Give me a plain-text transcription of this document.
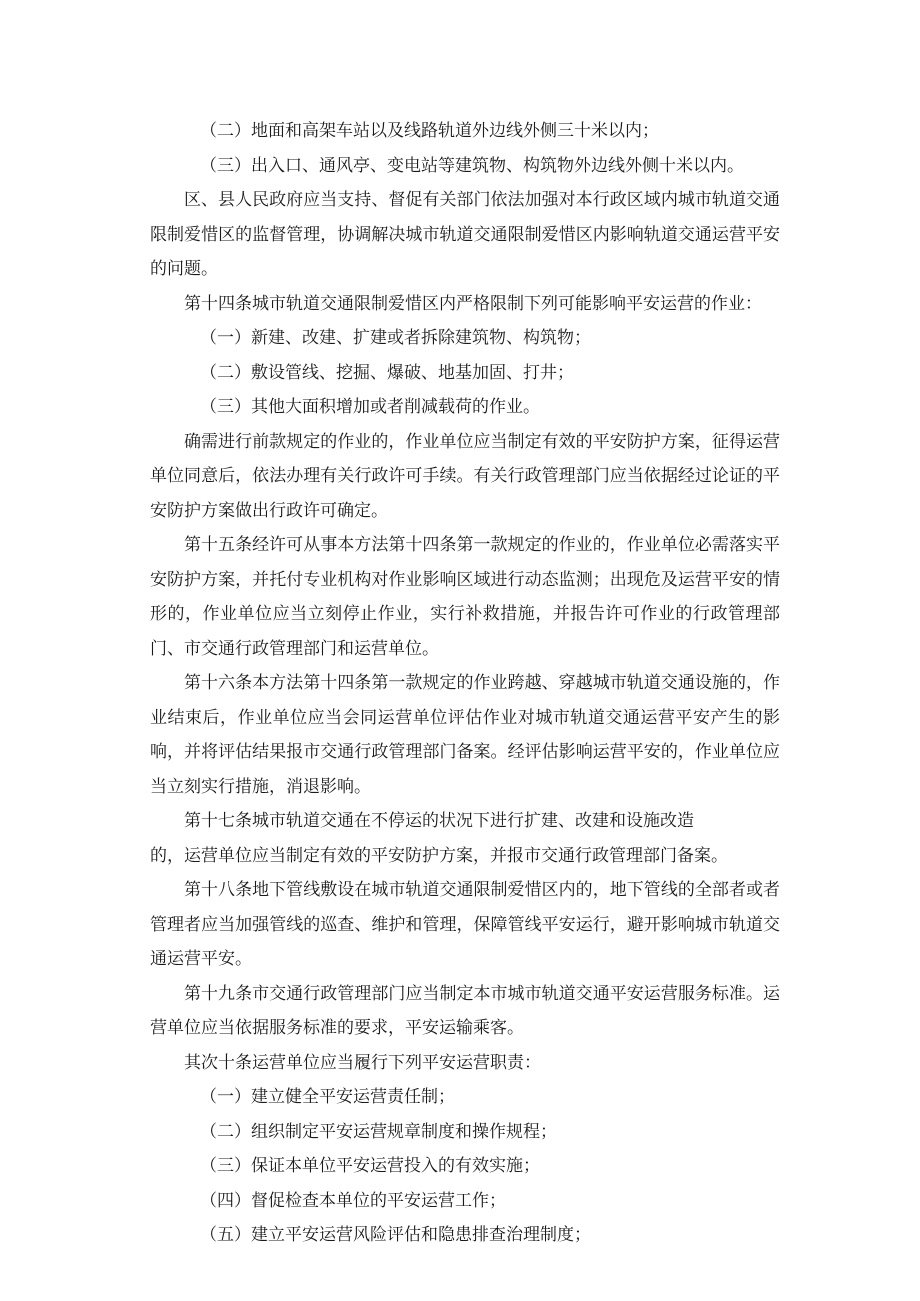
（二）地面和高架车站以及线路轨道外边线外侧三十米以内；

（三）出入口、通风亭、变电站等建筑物、构筑物外边线外侧十米以内。

区、县人民政府应当支持、督促有关部门依法加强对本行政区域内城市轨道交通限制爱惜区的监督管理，协调解决城市轨道交通限制爱惜区内影响轨道交通运营平安的问题。

第十四条城市轨道交通限制爱惜区内严格限制下列可能影响平安运营的作业：

（一）新建、改建、扩建或者拆除建筑物、构筑物；

（二）敷设管线、挖掘、爆破、地基加固、打井；

（三）其他大面积增加或者削减载荷的作业。

确需进行前款规定的作业的，作业单位应当制定有效的平安防护方案，征得运营单位同意后，依法办理有关行政许可手续。有关行政管理部门应当依据经过论证的平安防护方案做出行政许可确定。

第十五条经许可从事本方法第十四条第一款规定的作业的，作业单位必需落实平安防护方案，并托付专业机构对作业影响区域进行动态监测；出现危及运营平安的情形的，作业单位应当立刻停止作业，实行补救措施，并报告许可作业的行政管理部门、市交通行政管理部门和运营单位。

第十六条本方法第十四条第一款规定的作业跨越、穿越城市轨道交通设施的，作业结束后，作业单位应当会同运营单位评估作业对城市轨道交通运营平安产生的影响，并将评估结果报市交通行政管理部门备案。经评估影响运营平安的，作业单位应当立刻实行措施，消退影响。

第十七条城市轨道交通在不停运的状况下进行扩建、改建和设施改造

的，运营单位应当制定有效的平安防护方案，并报市交通行政管理部门备案。

第十八条地下管线敷设在城市轨道交通限制爱惜区内的，地下管线的全部者或者管理者应当加强管线的巡查、维护和管理，保障管线平安运行，避开影响城市轨道交通运营平安。

第十九条市交通行政管理部门应当制定本市城市轨道交通平安运营服务标准。运营单位应当依据服务标准的要求，平安运输乘客。

其次十条运营单位应当履行下列平安运营职责：

（一）建立健全平安运营责任制；

（二）组织制定平安运营规章制度和操作规程；

（三）保证本单位平安运营投入的有效实施；

（四）督促检查本单位的平安运营工作；

（五）建立平安运营风险评估和隐患排查治理制度；
